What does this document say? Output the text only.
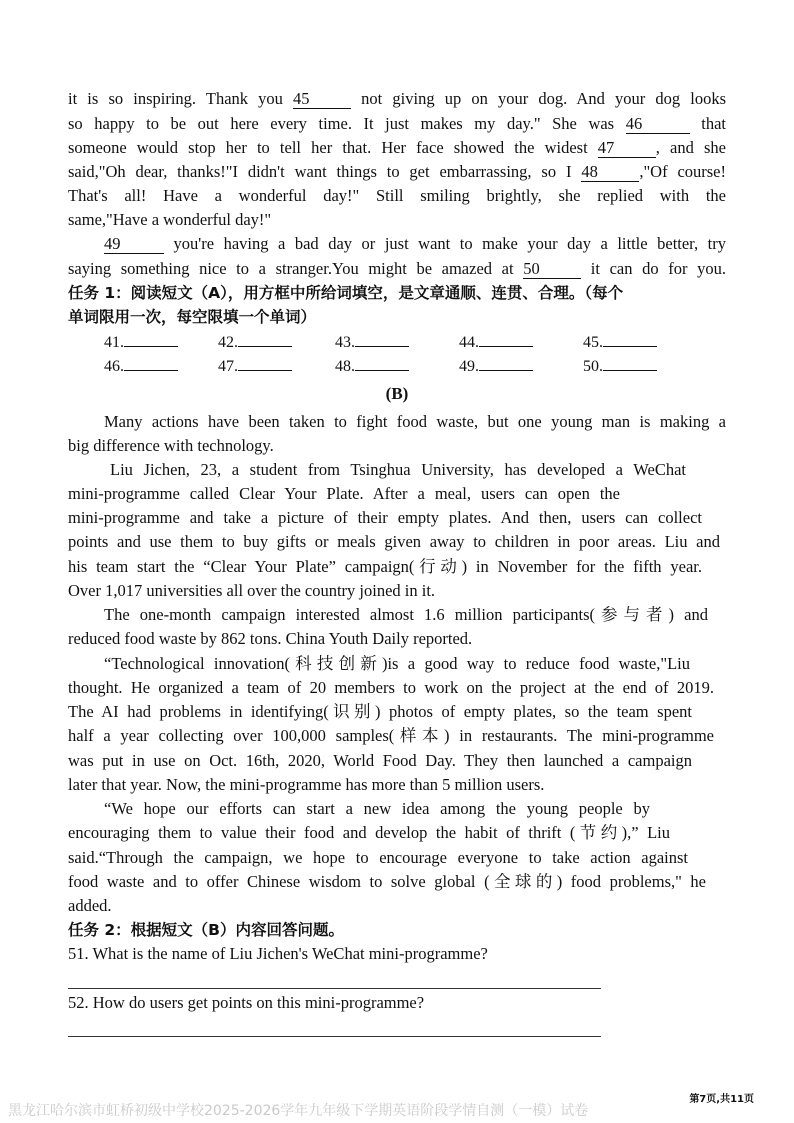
it is so inspiring. Thank you 45	not giving up on your dog. And your dog looks
so happy to be out here every time. It just makes my day." She was 46	that
someone would stop her to tell her that. Her face showed the widest 47	, and she
said,"Oh dear, thanks!"I didn't want things to get embarrassing, so I 48	,"Of course!
That's all! Have a wonderful day!" Still smiling brightly, she replied with the
same,"Have a wonderful day!"
49	you're having a bad day or just want to make your day a little better, try
saying something nice to a stranger.You might be amazed at 50	it can do for you.
任务 1：阅读短文（A），用方框中所给词填空，是文章通顺、连贯、合理。（每个
单词限用一次，每空限填一个单词）
41.	42.	43.	44.	45.
46.	47.	48.	49.	50.
(B)
Many actions have been taken to fight food waste, but one young man is making a
big difference with technology.
Liu Jichen, 23, a student from Tsinghua University, has developed a WeChat
mini-programme called Clear Your Plate. After a meal, users can open the
mini-programme and take a picture of their empty plates. And then, users can collect
points and use them to buy gifts or meals given away to children in poor areas. Liu and
his team start the “Clear Your Plate” campaign(行动) in November for the fifth year.
Over 1,017 universities all over the country joined in it.
The one-month campaign interested almost 1.6 million participants(参与者) and
reduced food waste by 862 tons. China Youth Daily reported.
“Technological innovation(科技创新)is a good way to reduce food waste,"Liu
thought. He organized a team of 20 members to work on the project at the end of 2019.
The AI had problems in identifying(识别) photos of empty plates, so the team spent
half a year collecting over 100,000 samples(样本) in restaurants. The mini-programme
was put in use on Oct. 16th, 2020, World Food Day. They then launched a campaign
later that year. Now, the mini-programme has more than 5 million users.
“We hope our efforts can start a new idea among the young people by
encouraging them to value their food and develop the habit of thrift (节约),” Liu
said.“Through the campaign, we hope to encourage everyone to take action against
food waste and to offer Chinese wisdom to solve global (全球的) food problems," he
added.
任务 2：根据短文（B）内容回答问题。
51. What is the name of Liu Jichen's WeChat mini-programme?
52. How do users get points on this mini-programme?
第7页,共11页
黑龙江哈尔滨市虹桥初级中学校2025-2026学年九年级下学期英语阶段学情自测（一模）试卷
